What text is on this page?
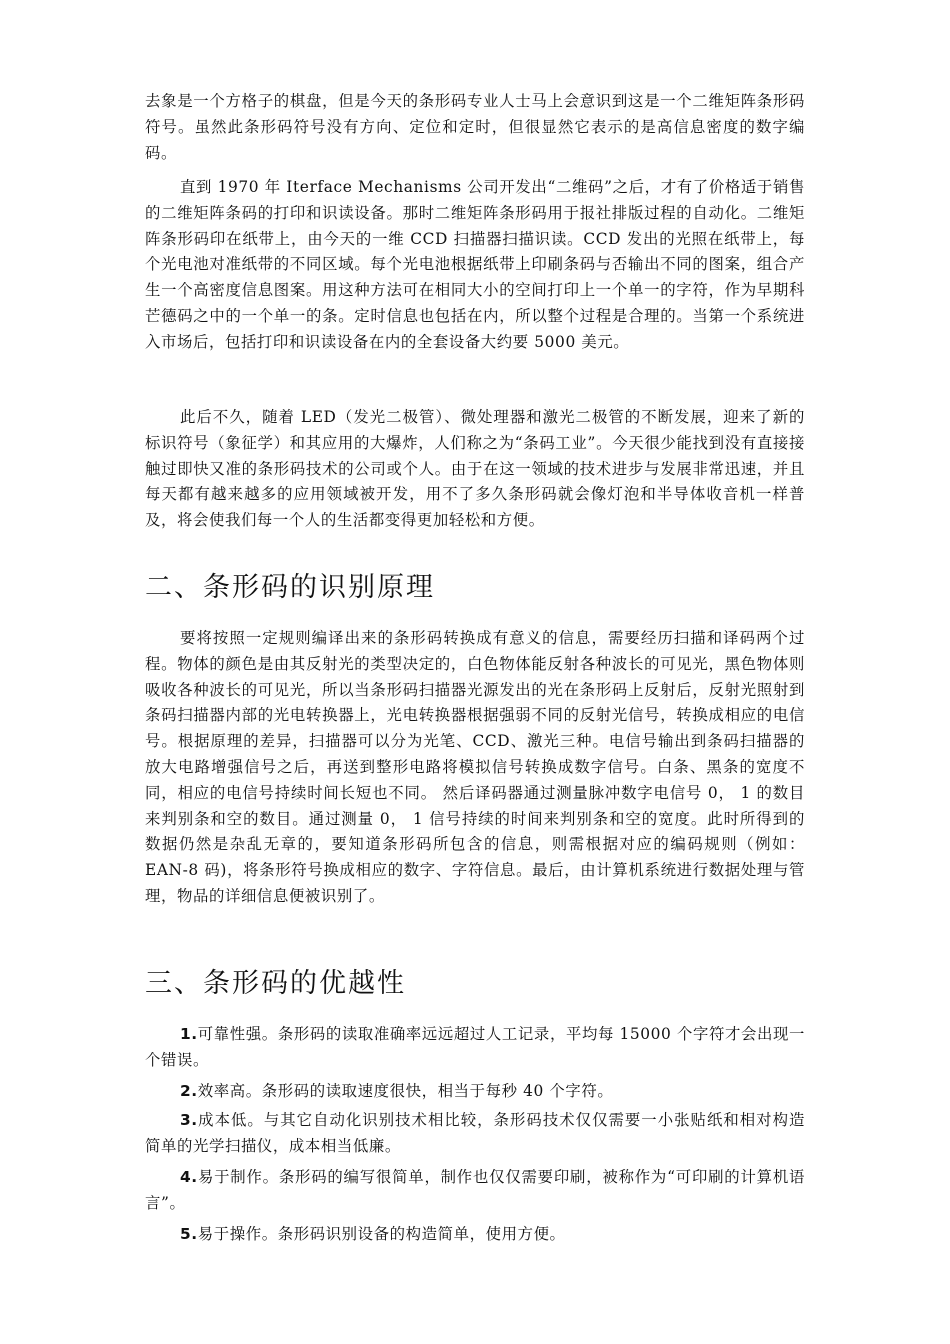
去象是一个方格子的棋盘，但是今天的条形码专业人士马上会意识到这是一个二维矩阵条形码符号。虽然此条形码符号没有方向、定位和定时，但很显然它表示的是高信息密度的数字编码。

直到 1970 年 Iterface Mechanisms 公司开发出“二维码”之后，才有了价格适于销售的二维矩阵条码的打印和识读设备。那时二维矩阵条形码用于报社排版过程的自动化。二维矩阵条形码印在纸带上，由今天的一维 CCD 扫描器扫描识读。CCD 发出的光照在纸带上，每个光电池对准纸带的不同区域。每个光电池根据纸带上印刷条码与否输出不同的图案，组合产生一个高密度信息图案。用这种方法可在相同大小的空间打印上一个单一的字符，作为早期科芒德码之中的一个单一的条。定时信息也包括在内，所以整个过程是合理的。当第一个系统进入市场后，包括打印和识读设备在内的全套设备大约要 5000 美元。

此后不久，随着 LED（发光二极管）、微处理器和激光二极管的不断发展，迎来了新的标识符号（象征学）和其应用的大爆炸，人们称之为“条码工业”。今天很少能找到没有直接接触过即快又准的条形码技术的公司或个人。由于在这一领域的技术进步与发展非常迅速，并且每天都有越来越多的应用领域被开发，用不了多久条形码就会像灯泡和半导体收音机一样普及，将会使我们每一个人的生活都变得更加轻松和方便。

二、条形码的识别原理

要将按照一定规则编译出来的条形码转换成有意义的信息，需要经历扫描和译码两个过程。物体的颜色是由其反射光的类型决定的，白色物体能反射各种波长的可见光，黑色物体则吸收各种波长的可见光，所以当条形码扫描器光源发出的光在条形码上反射后，反射光照射到条码扫描器内部的光电转换器上，光电转换器根据强弱不同的反射光信号，转换成相应的电信号。根据原理的差异，扫描器可以分为光笔、CCD、激光三种。电信号输出到条码扫描器的放大电路增强信号之后，再送到整形电路将模拟信号转换成数字信号。白条、黑条的宽度不同，相应的电信号持续时间长短也不同。 然后译码器通过测量脉冲数字电信号 0， 1 的数目来判别条和空的数目。通过测量 0， 1 信号持续的时间来判别条和空的宽度。此时所得到的数据仍然是杂乱无章的，要知道条形码所包含的信息，则需根据对应的编码规则（例如：EAN-8 码)，将条形符号换成相应的数字、字符信息。最后，由计算机系统进行数据处理与管理，物品的详细信息便被识别了。

三、条形码的优越性

1.可靠性强。条形码的读取准确率远远超过人工记录，平均每 15000 个字符才会出现一个错误。

2.效率高。条形码的读取速度很快，相当于每秒 40 个字符。

3.成本低。与其它自动化识别技术相比较，条形码技术仅仅需要一小张贴纸和相对构造简单的光学扫描仪，成本相当低廉。

4.易于制作。条形码的编写很简单，制作也仅仅需要印刷，被称作为“可印刷的计算机语言”。

5.易于操作。条形码识别设备的构造简单，使用方便。
